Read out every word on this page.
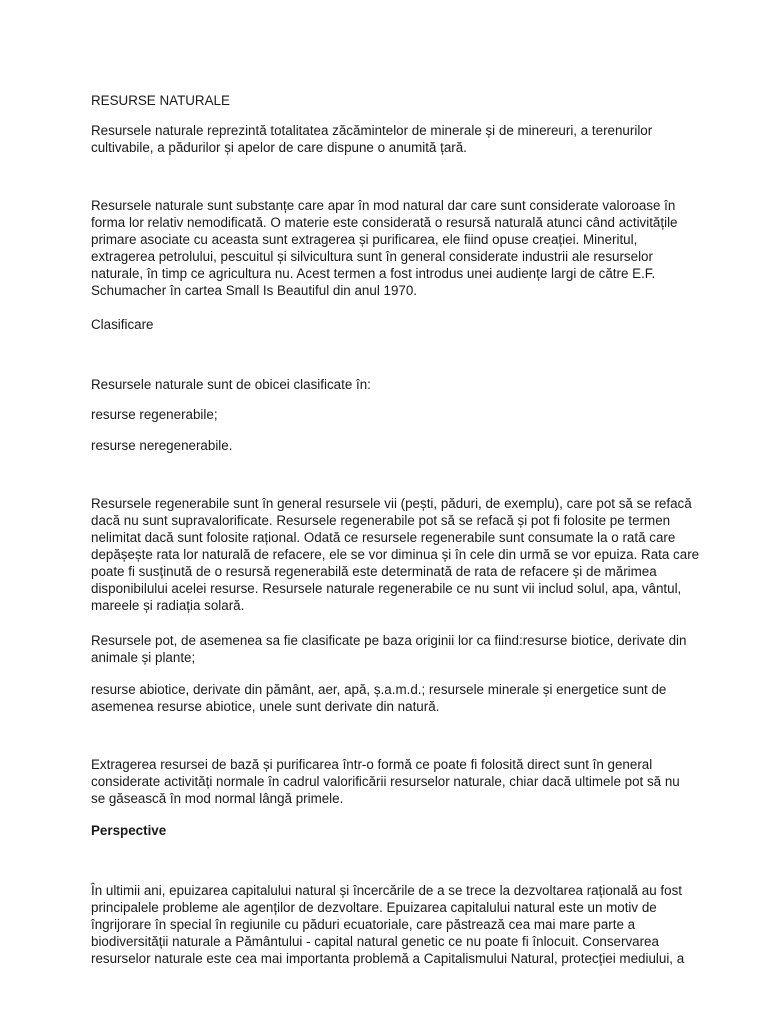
RESURSE NATURALE
Resursele naturale reprezintă totalitatea zăcămintelor de minerale și de minereuri, a terenurilor
cultivabile, a pădurilor și apelor de care dispune o anumită țară.
Resursele naturale sunt substanțe care apar în mod natural dar care sunt considerate valoroase în
forma lor relativ nemodificată. O materie este considerată o resursă naturală atunci când activitățile
primare asociate cu aceasta sunt extragerea și purificarea, ele fiind opuse creației. Mineritul,
extragerea petrolului, pescuitul și silvicultura sunt în general considerate industrii ale resurselor
naturale, în timp ce agricultura nu. Acest termen a fost introdus unei audiențe largi de către E.F.
Schumacher în cartea Small Is Beautiful din anul 1970.
Clasificare
Resursele naturale sunt de obicei clasificate în:
resurse regenerabile;
resurse neregenerabile.
Resursele regenerabile sunt în general resursele vii (pești, păduri, de exemplu), care pot să se refacă
dacă nu sunt supravalorificate. Resursele regenerabile pot să se refacă și pot fi folosite pe termen
nelimitat dacă sunt folosite rațional. Odată ce resursele regenerabile sunt consumate la o rată care
depășește rata lor naturală de refacere, ele se vor diminua și în cele din urmă se vor epuiza. Rata care
poate fi susținută de o resursă regenerabilă este determinată de rata de refacere și de mărimea
disponibilului acelei resurse. Resursele naturale regenerabile ce nu sunt vii includ solul, apa, vântul,
mareele și radiația solară.
Resursele pot, de asemenea sa fie clasificate pe baza originii lor ca fiind:resurse biotice, derivate din
animale și plante;
resurse abiotice, derivate din pământ, aer, apă, ș.a.m.d.; resursele minerale și energetice sunt de
asemenea resurse abiotice, unele sunt derivate din natură.
Extragerea resursei de bază și purificarea într-o formă ce poate fi folosită direct sunt în general
considerate activități normale în cadrul valorificării resurselor naturale, chiar dacă ultimele pot să nu
se găsească în mod normal lângă primele.
Perspective
În ultimii ani, epuizarea capitalului natural și încercările de a se trece la dezvoltarea rațională au fost
principalele probleme ale agenților de dezvoltare. Epuizarea capitalului natural este un motiv de
îngrijorare în special în regiunile cu păduri ecuatoriale, care păstrează cea mai mare parte a
biodiversității naturale a Pământului - capital natural genetic ce nu poate fi înlocuit. Conservarea
resurselor naturale este cea mai importanta problemă a Capitalismului Natural, protecției mediului, a
